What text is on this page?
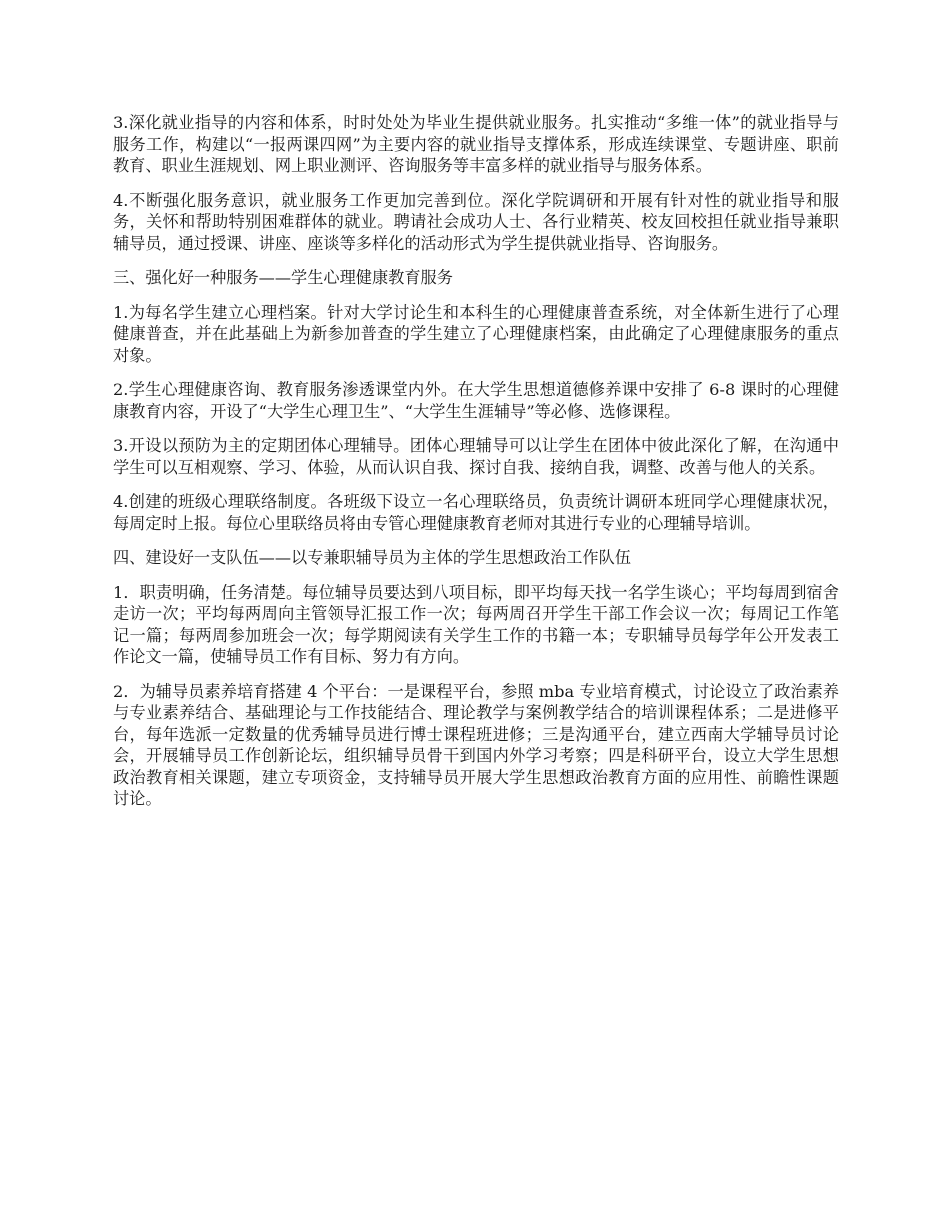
3.深化就业指导的内容和体系，时时处处为毕业生提供就业服务。扎实推动“多维一体”的就业指导与服务工作，构建以“一报两课四网”为主要内容的就业指导支撑体系，形成连续课堂、专题讲座、职前教育、职业生涯规划、网上职业测评、咨询服务等丰富多样的就业指导与服务体系。

4.不断强化服务意识，就业服务工作更加完善到位。深化学院调研和开展有针对性的就业指导和服务，关怀和帮助特别困难群体的就业。聘请社会成功人士、各行业精英、校友回校担任就业指导兼职辅导员，通过授课、讲座、座谈等多样化的活动形式为学生提供就业指导、咨询服务。

三、强化好一种服务——学生心理健康教育服务

1.为每名学生建立心理档案。针对大学讨论生和本科生的心理健康普查系统，对全体新生进行了心理健康普查，并在此基础上为新参加普查的学生建立了心理健康档案，由此确定了心理健康服务的重点对象。

2.学生心理健康咨询、教育服务渗透课堂内外。在大学生思想道德修养课中安排了 6-8 课时的心理健康教育内容，开设了“大学生心理卫生”、“大学生生涯辅导”等必修、选修课程。

3.开设以预防为主的定期团体心理辅导。团体心理辅导可以让学生在团体中彼此深化了解，在沟通中学生可以互相观察、学习、体验，从而认识自我、探讨自我、接纳自我，调整、改善与他人的关系。

4.创建的班级心理联络制度。各班级下设立一名心理联络员，负责统计调研本班同学心理健康状况，每周定时上报。每位心里联络员将由专管心理健康教育老师对其进行专业的心理辅导培训。

四、建设好一支队伍——以专兼职辅导员为主体的学生思想政治工作队伍

1．职责明确，任务清楚。每位辅导员要达到八项目标，即平均每天找一名学生谈心；平均每周到宿舍走访一次；平均每两周向主管领导汇报工作一次；每两周召开学生干部工作会议一次；每周记工作笔记一篇；每两周参加班会一次；每学期阅读有关学生工作的书籍一本；专职辅导员每学年公开发表工作论文一篇，使辅导员工作有目标、努力有方向。

2．为辅导员素养培育搭建 4 个平台：一是课程平台，参照 mba 专业培育模式，讨论设立了政治素养与专业素养结合、基础理论与工作技能结合、理论教学与案例教学结合的培训课程体系；二是进修平台，每年选派一定数量的优秀辅导员进行博士课程班进修；三是沟通平台，建立西南大学辅导员讨论会，开展辅导员工作创新论坛，组织辅导员骨干到国内外学习考察；四是科研平台，设立大学生思想政治教育相关课题，建立专项资金，支持辅导员开展大学生思想政治教育方面的应用性、前瞻性课题讨论。
